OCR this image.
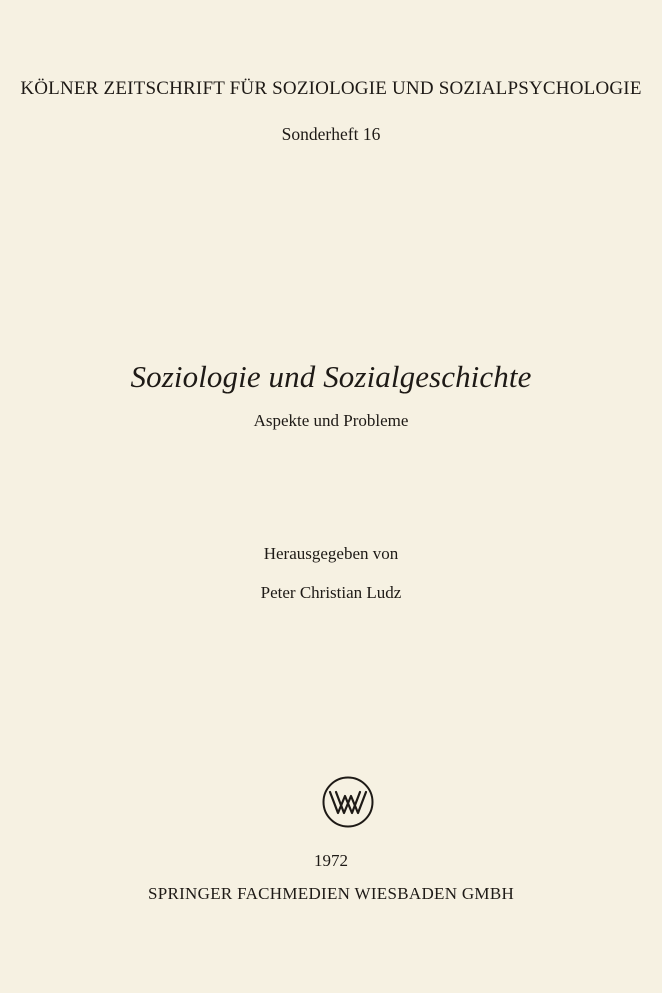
KÖLNER ZEITSCHRIFT FÜR SOZIOLOGIE UND SOZIALPSYCHOLOGIE
Sonderheft 16
Soziologie und Sozialgeschichte
Aspekte und Probleme
Herausgegeben von
Peter Christian Ludz
1972
SPRINGER FACHMEDIEN WIESBADEN GMBH
